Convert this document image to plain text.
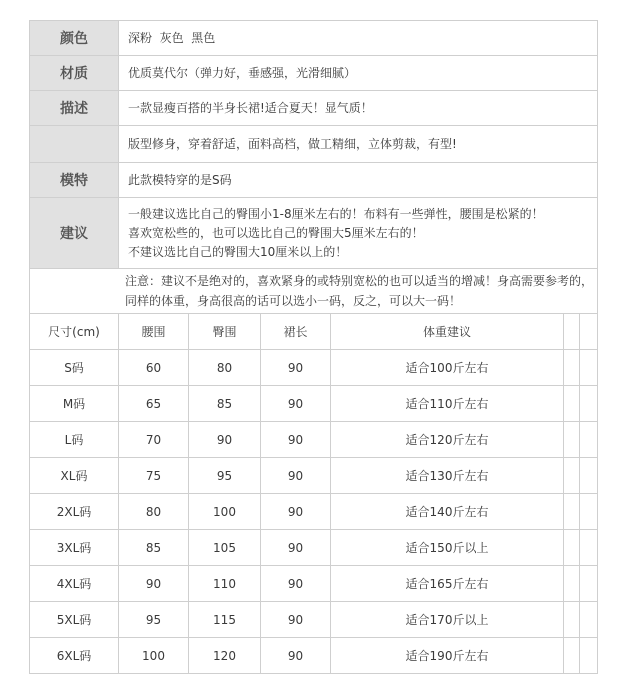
颜色	深粉  灰色  黑色
材质	优质莫代尔（弹力好，垂感强，光滑细腻）
描述	一款显瘦百搭的半身长裙!适合夏天！显气质！
	版型修身，穿着舒适，面料高档，做工精细，立体剪裁，有型!
模特	此款模特穿的是S码
建议	一般建议选比自己的臀围小1-8厘米左右的！布料有一些弹性，腰围是松紧的！
喜欢宽松些的，也可以选比自己的臀围大5厘米左右的！
不建议选比自己的臀围大10厘米以上的！

注意：建议不是绝对的，喜欢紧身的或特别宽松的也可以适当的增减！身高需要参考的，同样的体重，身高很高的话可以选小一码，反之，可以大一码！	
尺寸(cm)	腰围	臀围	裙长	体重建议		
S码	60	80	90	适合100斤左右		
M码	65	85	90	适合110斤左右		
L码	70	90	90	适合120斤左右		
XL码	75	95	90	适合130斤左右		
2XL码	80	100	90	适合140斤左右		
3XL码	85	105	90	适合150斤以上		
4XL码	90	110	90	适合165斤左右		
5XL码	95	115	90	适合170斤以上		
6XL码	100	120	90	适合190斤左右		
